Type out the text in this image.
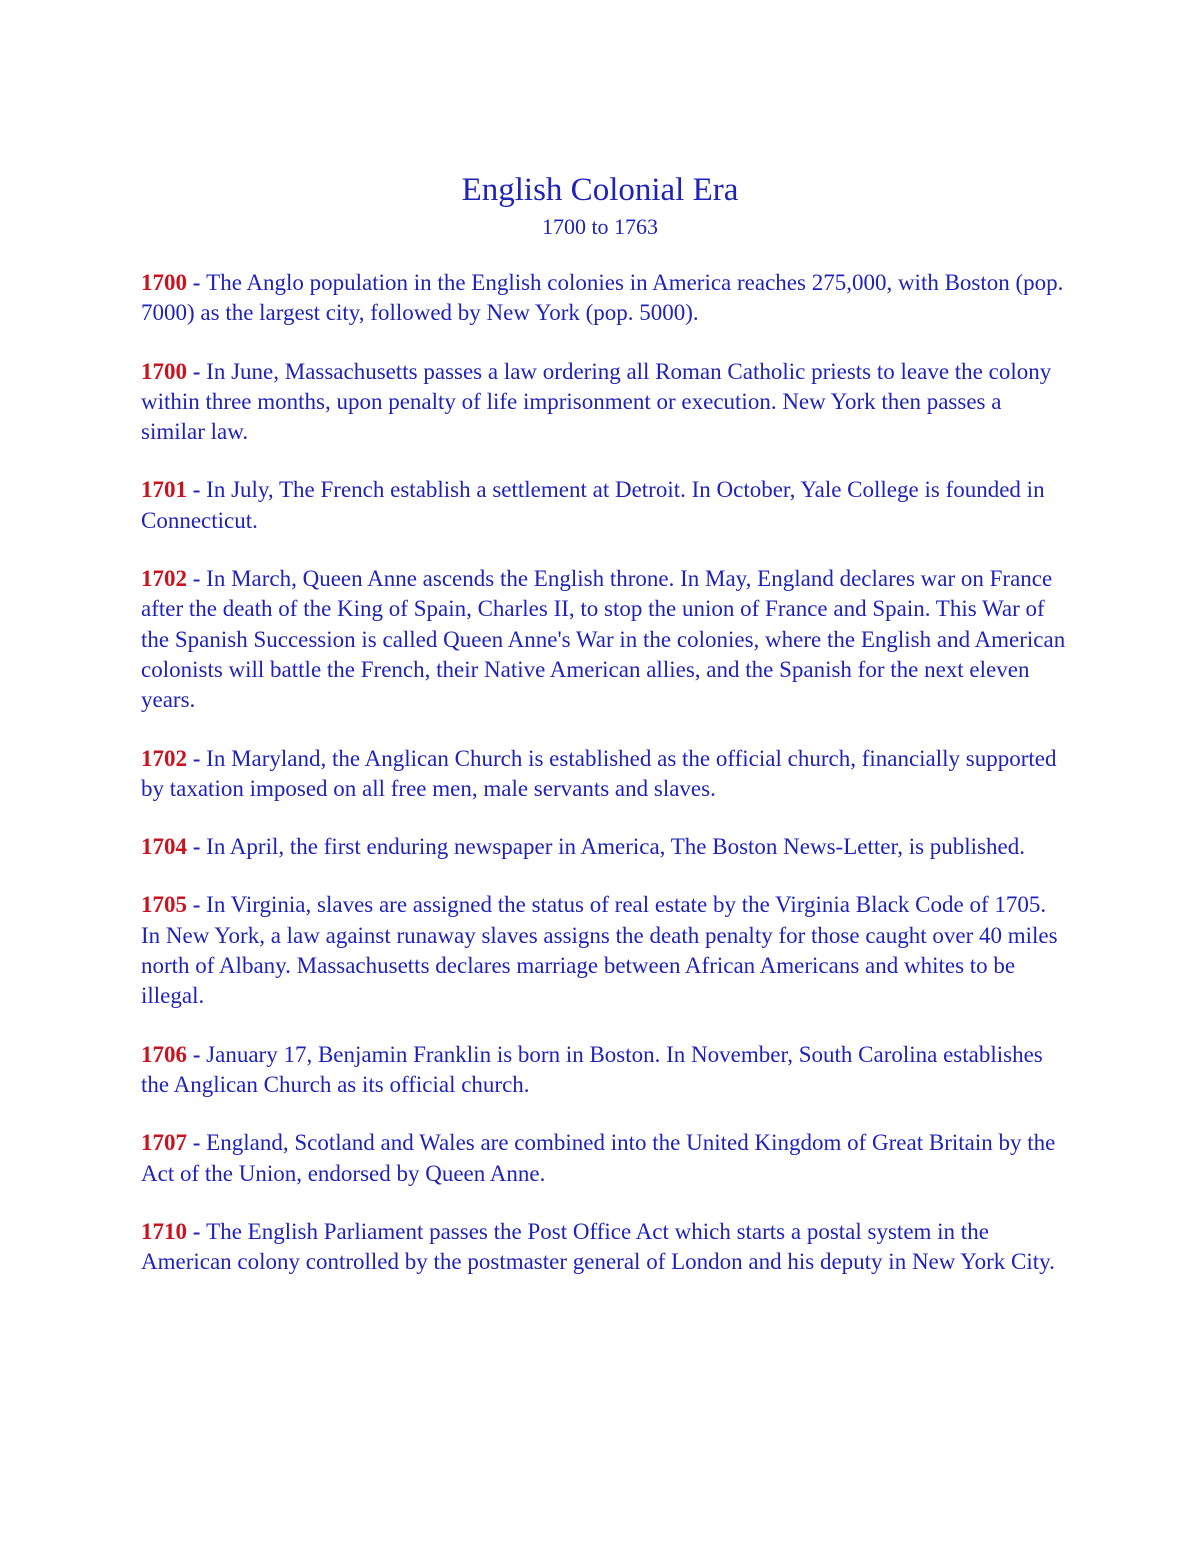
English Colonial Era
1700 to 1763

1700 - The Anglo population in the English colonies in America reaches 275,000, with Boston (pop. 7000) as the largest city, followed by New York (pop. 5000).

1700 - In June, Massachusetts passes a law ordering all Roman Catholic priests to leave the colony within three months, upon penalty of life imprisonment or execution. New York then passes a similar law.

1701 - In July, The French establish a settlement at Detroit. In October, Yale College is founded in Connecticut.

1702 - In March, Queen Anne ascends the English throne. In May, England declares war on France after the death of the King of Spain, Charles II, to stop the union of France and Spain. This War of the Spanish Succession is called Queen Anne's War in the colonies, where the English and American colonists will battle the French, their Native American allies, and the Spanish for the next eleven years.

1702 - In Maryland, the Anglican Church is established as the official church, financially supported by taxation imposed on all free men, male servants and slaves.

1704 - In April, the first enduring newspaper in America, The Boston News-Letter, is published.

1705 - In Virginia, slaves are assigned the status of real estate by the Virginia Black Code of 1705. In New York, a law against runaway slaves assigns the death penalty for those caught over 40 miles north of Albany. Massachusetts declares marriage between African Americans and whites to be illegal.

1706 - January 17, Benjamin Franklin is born in Boston. In November, South Carolina establishes the Anglican Church as its official church.

1707 - England, Scotland and Wales are combined into the United Kingdom of Great Britain by the Act of the Union, endorsed by Queen Anne.

1710 - The English Parliament passes the Post Office Act which starts a postal system in the American colony controlled by the postmaster general of London and his deputy in New York City.
